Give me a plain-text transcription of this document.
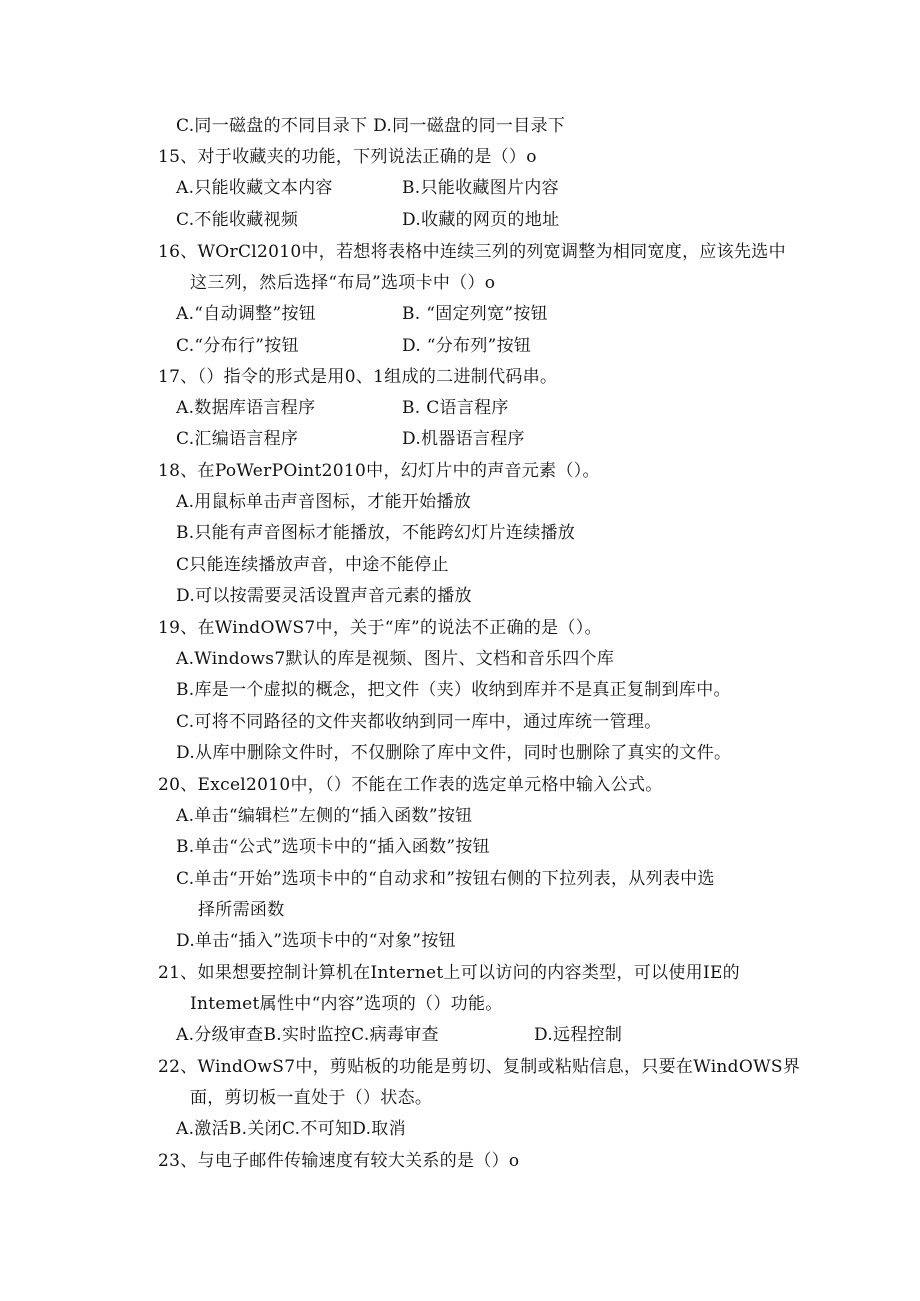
C.同一磁盘的不同目录下 D.同一磁盘的同一目录下
15、对于收藏夹的功能，下列说法正确的是（）o
A.只能收藏文本内容	B.只能收藏图片内容
C.不能收藏视频	D.收藏的网页的地址
16、WOrCl2010中，若想将表格中连续三列的列宽调整为相同宽度，应该先选中
这三列，然后选择“布局”选项卡中（）o
A.“自动调整”按钮	B. “固定列宽”按钮
C.“分布行”按钮	D. “分布列”按钮
17、（）指令的形式是用0、1组成的二进制代码串。
A.数据库语言程序	B. C语言程序
C.汇编语言程序	D.机器语言程序
18、在PoWerPOint2010中，幻灯片中的声音元素（）。
A.用鼠标单击声音图标，才能开始播放
B.只能有声音图标才能播放，不能跨幻灯片连续播放
C只能连续播放声音，中途不能停止
D.可以按需要灵活设置声音元素的播放
19、在WindOWS7中，关于“库”的说法不正确的是（）。
A.Windows7默认的库是视频、图片、文档和音乐四个库
B.库是一个虚拟的概念，把文件（夹）收纳到库并不是真正复制到库中。
C.可将不同路径的文件夹都收纳到同一库中，通过库统一管理。
D.从库中删除文件时，不仅删除了库中文件，同时也删除了真实的文件。
20、Excel2010中，（）不能在工作表的选定单元格中输入公式。
A.单击“编辑栏”左侧的“插入函数”按钮
B.单击“公式”选项卡中的“插入函数”按钮
C.单击“开始”选项卡中的“自动求和”按钮右侧的下拉列表，从列表中选
择所需函数
D.单击“插入”选项卡中的“对象”按钮
21、如果想要控制计算机在Internet上可以访问的内容类型，可以使用IE的
Intemet属性中“内容”选项的（）功能。
A.分级审查B.实时监控C.病毒审查	D.远程控制
22、WindOwS7中，剪贴板的功能是剪切、复制或粘贴信息，只要在WindOWS界
面，剪切板一直处于（）状态。
A.激活B.关闭C.不可知D.取消
23、与电子邮件传输速度有较大关系的是（）o
